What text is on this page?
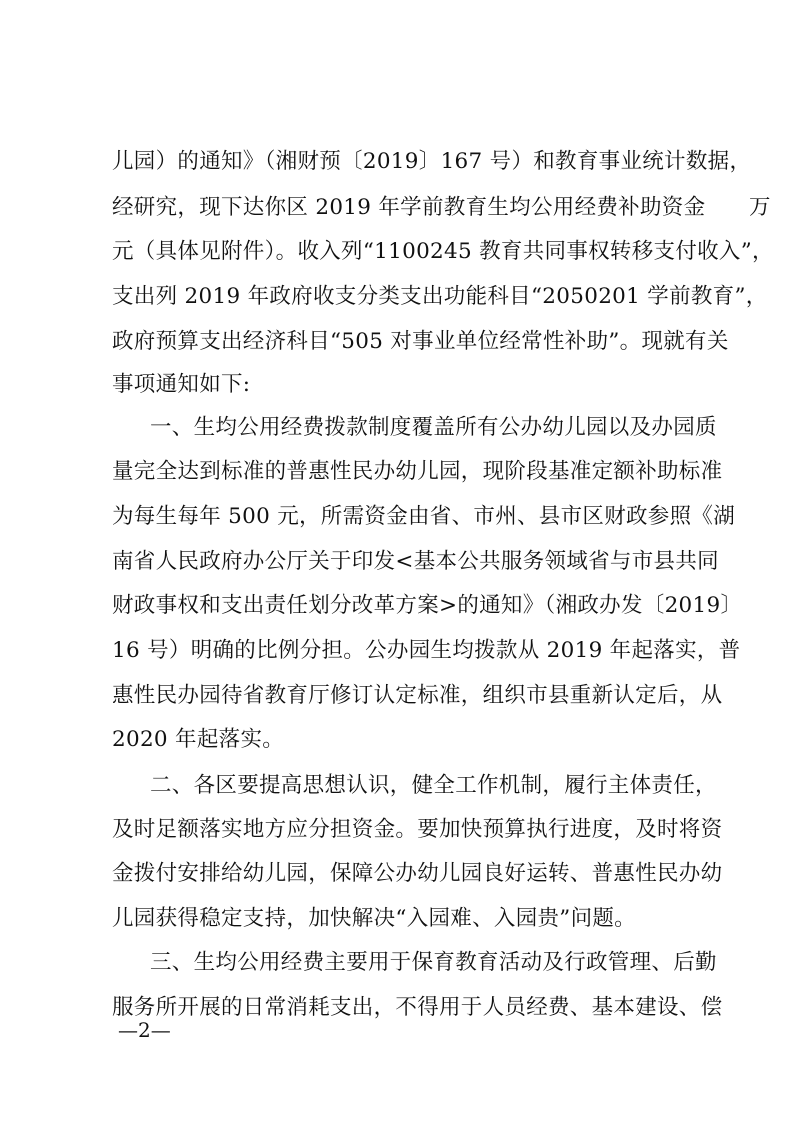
儿园）的通知》（湘财预〔2019〕167 号）和教育事业统计数据，
经研究，现下达你区 2019 年学前教育生均公用经费补助资金　　万
元（具体见附件）。收入列“1100245 教育共同事权转移支付收入”，
支出列 2019 年政府收支分类支出功能科目“2050201 学前教育”，
政府预算支出经济科目“505 对事业单位经常性补助”。现就有关
事项通知如下:
一、生均公用经费拨款制度覆盖所有公办幼儿园以及办园质
量完全达到标准的普惠性民办幼儿园，现阶段基准定额补助标准
为每生每年 500 元，所需资金由省、市州、县市区财政参照《湖
南省人民政府办公厅关于印发<基本公共服务领域省与市县共同
财政事权和支出责任划分改革方案>的通知》（湘政办发〔2019〕
16 号）明确的比例分担。公办园生均拨款从 2019 年起落实，普
惠性民办园待省教育厅修订认定标准，组织市县重新认定后，从
2020 年起落实。
二、各区要提高思想认识，健全工作机制，履行主体责任，
及时足额落实地方应分担资金。要加快预算执行进度，及时将资
金拨付安排给幼儿园，保障公办幼儿园良好运转、普惠性民办幼
儿园获得稳定支持，加快解决“入园难、入园贵”问题。
三、生均公用经费主要用于保育教育活动及行政管理、后勤
服务所开展的日常消耗支出，不得用于人员经费、基本建设、偿
—2—
